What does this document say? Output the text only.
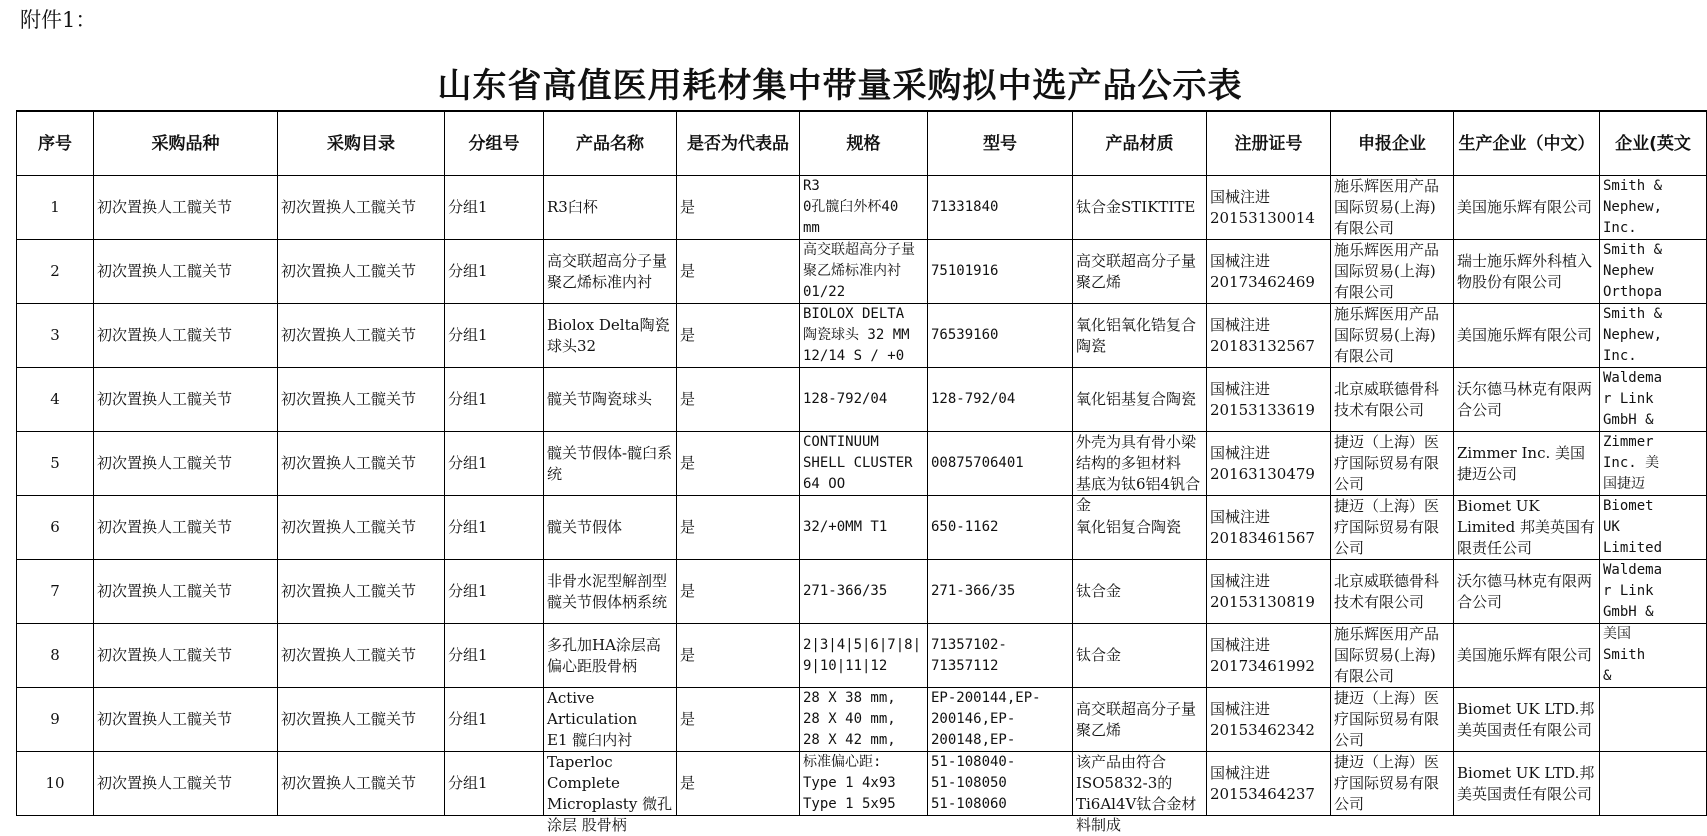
附件1：
山东省高值医用耗材集中带量采购拟中选产品公示表
序号	采购品种	采购目录	分组号	产品名称	是否为代表品	规格	型号	产品材质	注册证号	申报企业	生产企业（中文）	企业(英文

1	初次置换人工髋关节	初次置换人工髋关节	分组1	R3臼杯	是	R3
0孔髋臼外杯40
mm	71331840	钛合金STIKTITE	国械注进
20153130014	施乐辉医用产品国际贸易(上海)有限公司	美国施乐辉有限公司	Smith &
Nephew,
Inc.

2	初次置换人工髋关节	初次置换人工髋关节	分组1	高交联超高分子量聚乙烯标准内衬	是	高交联超高分子量聚乙烯标准内衬01/22	75101916	高交联超高分子量聚乙烯	国械注进
20173462469	施乐辉医用产品国际贸易(上海)有限公司	瑞士施乐辉外科植入物股份有限公司	Smith &
Nephew
Orthopa

3	初次置换人工髋关节	初次置换人工髋关节	分组1	Biolox Delta陶瓷球头32	是	BIOLOX DELTA
陶瓷球头 32 MM
12/14 S / +0	76539160	氧化铝氧化锆复合陶瓷	国械注进
20183132567	施乐辉医用产品国际贸易(上海)有限公司	美国施乐辉有限公司	Smith &
Nephew,
Inc.

4	初次置换人工髋关节	初次置换人工髋关节	分组1	髋关节陶瓷球头	是	128-792/04	128-792/04	氧化铝基复合陶瓷	国械注进
20153133619	北京威联德骨科技术有限公司	沃尔德马林克有限两合公司	Waldema
r Link
GmbH &

5	初次置换人工髋关节	初次置换人工髋关节	分组1	髋关节假体-髋臼系统	是	CONTINUUM
SHELL CLUSTER
64 OO	00875706401	外壳为具有骨小梁结构的多钽材料　基底为钛6铝4钒合金	国械注进
20163130479	捷迈（上海）医疗国际贸易有限公司	Zimmer Inc. 美国捷迈公司	Zimmer
Inc. 美
国捷迈

6	初次置换人工髋关节	初次置换人工髋关节	分组1	髋关节假体	是	32/+0MM T1	650-1162	氧化铝复合陶瓷	国械注进
20183461567	捷迈（上海）医疗国际贸易有限公司	Biomet UK Limited 邦美英国有限责任公司	Biomet
UK
Limited

7	初次置换人工髋关节	初次置换人工髋关节	分组1	非骨水泥型解剖型髋关节假体柄系统	是	271-366/35	271-366/35	钛合金	国械注进
20153130819	北京威联德骨科技术有限公司	沃尔德马林克有限两合公司	Waldema
r Link
GmbH &

8	初次置换人工髋关节	初次置换人工髋关节	分组1	多孔加HA涂层高偏心距股骨柄	是	2|3|4|5|6|7|8|
9|10|11|12	71357102-
71357112	钛合金	国械注进
20173461992	施乐辉医用产品国际贸易(上海)有限公司	美国施乐辉有限公司	美国
Smith
&

9	初次置换人工髋关节	初次置换人工髋关节	分组1	Active
Articulation
E1 髋臼内衬	是	28 X 38 mm,
28 X 40 mm,
28 X 42 mm,	EP-200144,EP-
200146,EP-
200148,EP-	高交联超高分子量聚乙烯	国械注进
20153462342	捷迈（上海）医疗国际贸易有限公司	Biomet UK LTD.邦美英国责任有限公司	

10	初次置换人工髋关节	初次置换人工髋关节	分组1	Taperloc
Complete
Microplasty 微孔涂层 股骨柄	是	标准偏心距:
Type 1 4x93
Type 1 5x95	51-108040-
51-108050
51-108060	该产品由符合ISO5832-3的Ti6Al4V钛合金材料制成	国械注进
20153464237	捷迈（上海）医疗国际贸易有限公司	Biomet UK LTD.邦美英国责任有限公司	
